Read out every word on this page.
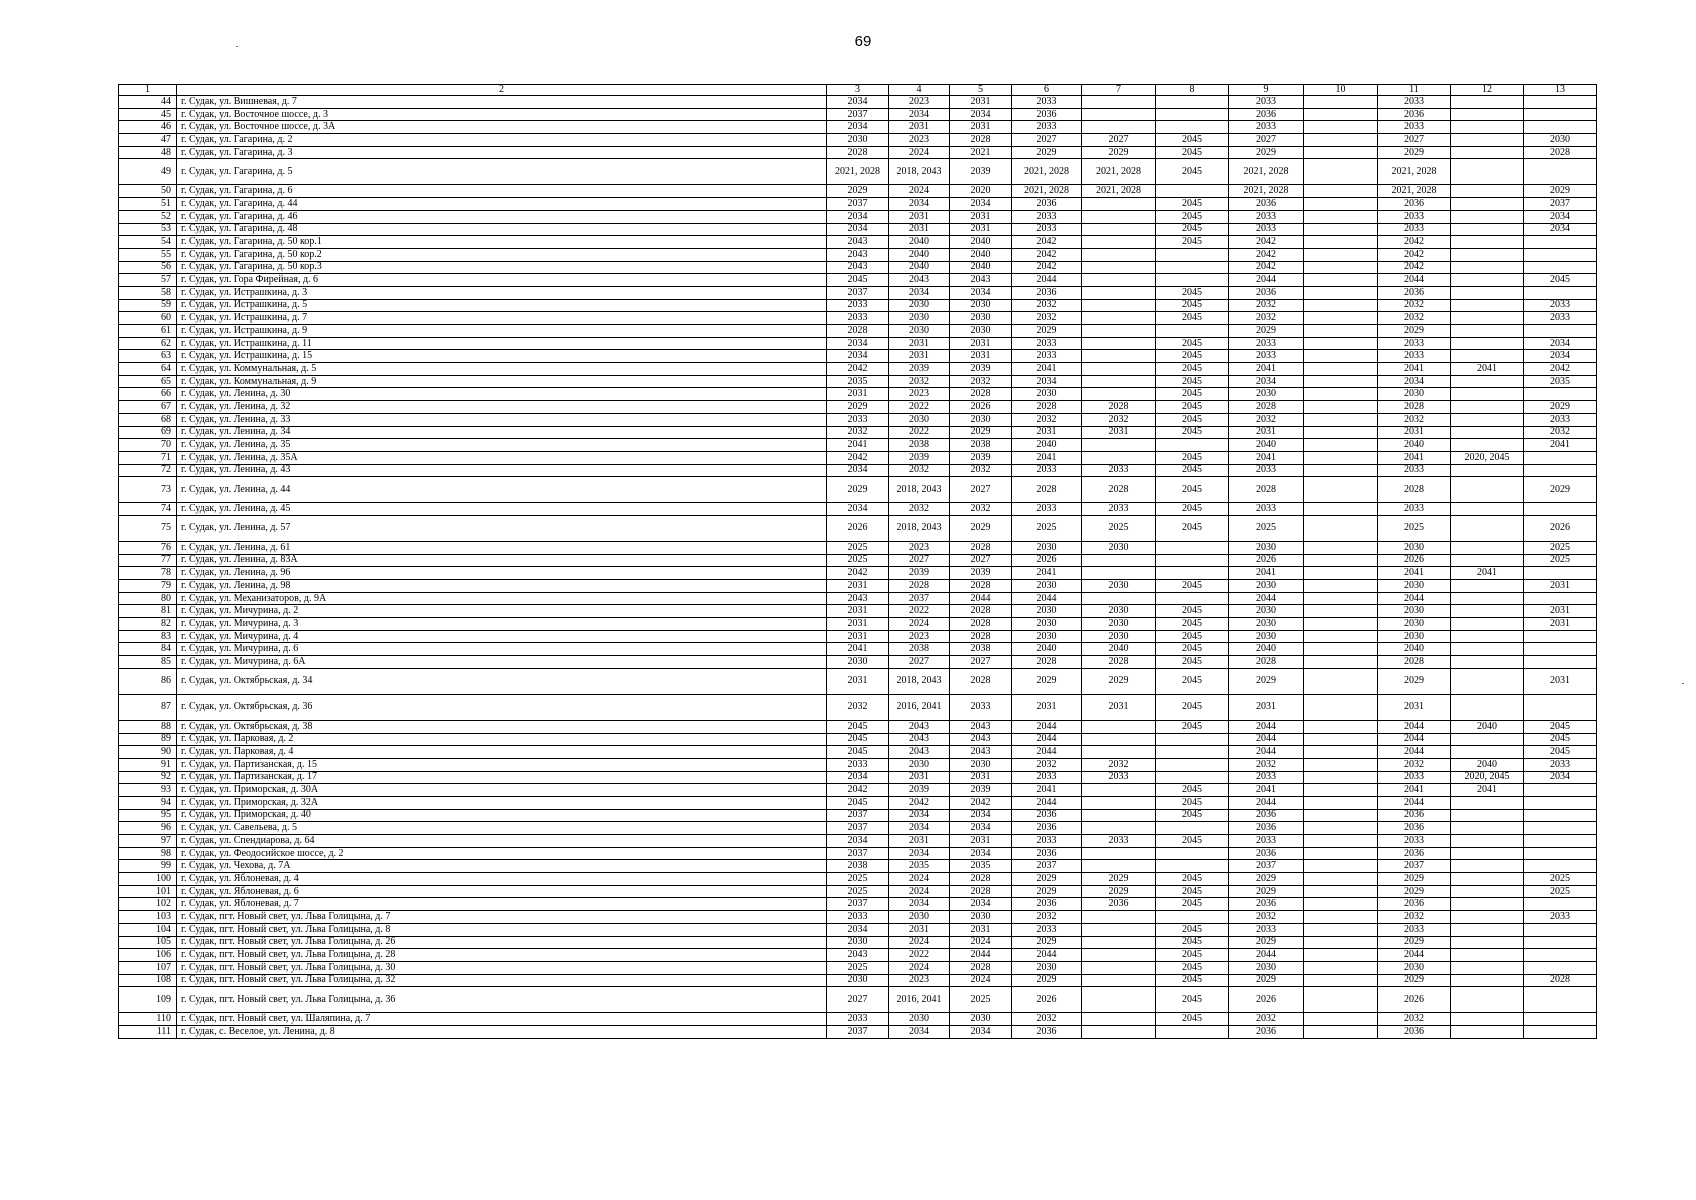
69
1	2	3	4	5	6	7	8	9	10	11	12	13
44	г. Судак, ул. Вишневая, д. 7	2034	2023	2031	2033			2033		2033		
45	г. Судак, ул. Восточное шоссе, д. 3	2037	2034	2034	2036			2036		2036		
46	г. Судак, ул. Восточное шоссе, д. 3А	2034	2031	2031	2033			2033		2033		
47	г. Судак, ул. Гагарина, д. 2	2030	2023	2028	2027	2027	2045	2027		2027		2030
48	г. Судак, ул. Гагарина, д. 3	2028	2024	2021	2029	2029	2045	2029		2029		2028
49	г. Судак, ул. Гагарина, д. 5	2021, 2028	2018, 2043	2039	2021, 2028	2021, 2028	2045	2021, 2028		2021, 2028		
50	г. Судак, ул. Гагарина, д. 6	2029	2024	2020	2021, 2028	2021, 2028		2021, 2028		2021, 2028		2029
51	г. Судак, ул. Гагарина, д. 44	2037	2034	2034	2036		2045	2036		2036		2037
52	г. Судак, ул. Гагарина, д. 46	2034	2031	2031	2033		2045	2033		2033		2034
53	г. Судак, ул. Гагарина, д. 48	2034	2031	2031	2033		2045	2033		2033		2034
54	г. Судак, ул. Гагарина, д. 50 кор.1	2043	2040	2040	2042		2045	2042		2042		
55	г. Судак, ул. Гагарина, д. 50 кор.2	2043	2040	2040	2042			2042		2042		
56	г. Судак, ул. Гагарина, д. 50 кор.3	2043	2040	2040	2042			2042		2042		
57	г. Судак, ул. Гора Фирейная, д. 6	2045	2043	2043	2044			2044		2044		2045
58	г. Судак, ул. Истрашкина, д. 3	2037	2034	2034	2036		2045	2036		2036		
59	г. Судак, ул. Истрашкина, д. 5	2033	2030	2030	2032		2045	2032		2032		2033
60	г. Судак, ул. Истрашкина, д. 7	2033	2030	2030	2032		2045	2032		2032		2033
61	г. Судак, ул. Истрашкина, д. 9	2028	2030	2030	2029			2029		2029		
62	г. Судак, ул. Истрашкина, д. 11	2034	2031	2031	2033		2045	2033		2033		2034
63	г. Судак, ул. Истрашкина, д. 15	2034	2031	2031	2033		2045	2033		2033		2034
64	г. Судак, ул. Коммунальная, д. 5	2042	2039	2039	2041		2045	2041		2041	2041	2042
65	г. Судак, ул. Коммунальная, д. 9	2035	2032	2032	2034		2045	2034		2034		2035
66	г. Судак, ул. Ленина, д. 30	2031	2023	2028	2030		2045	2030		2030		
67	г. Судак, ул. Ленина, д. 32	2029	2022	2026	2028	2028	2045	2028		2028		2029
68	г. Судак, ул. Ленина, д. 33	2033	2030	2030	2032	2032	2045	2032		2032		2033
69	г. Судак, ул. Ленина, д. 34	2032	2022	2029	2031	2031	2045	2031		2031		2032
70	г. Судак, ул. Ленина, д. 35	2041	2038	2038	2040			2040		2040		2041
71	г. Судак, ул. Ленина, д. 35А	2042	2039	2039	2041		2045	2041		2041	2020, 2045	
72	г. Судак, ул. Ленина, д. 43	2034	2032	2032	2033	2033	2045	2033		2033		
73	г. Судак, ул. Ленина, д. 44	2029	2018, 2043	2027	2028	2028	2045	2028		2028		2029
74	г. Судак, ул. Ленина, д. 45	2034	2032	2032	2033	2033	2045	2033		2033		
75	г. Судак, ул. Ленина, д. 57	2026	2018, 2043	2029	2025	2025	2045	2025		2025		2026
76	г. Судак, ул. Ленина, д. 61	2025	2023	2028	2030	2030		2030		2030		2025
77	г. Судак, ул. Ленина, д. 83А	2025	2027	2027	2026			2026		2026		2025
78	г. Судак, ул. Ленина, д. 96	2042	2039	2039	2041			2041		2041	2041	
79	г. Судак, ул. Ленина, д. 98	2031	2028	2028	2030	2030	2045	2030		2030		2031
80	г. Судак, ул. Механизаторов, д. 9А	2043	2037	2044	2044			2044		2044		
81	г. Судак, ул. Мичурина, д. 2	2031	2022	2028	2030	2030	2045	2030		2030		2031
82	г. Судак, ул. Мичурина, д. 3	2031	2024	2028	2030	2030	2045	2030		2030		2031
83	г. Судак, ул. Мичурина, д. 4	2031	2023	2028	2030	2030	2045	2030		2030		
84	г. Судак, ул. Мичурина, д. 6	2041	2038	2038	2040	2040	2045	2040		2040		
85	г. Судак, ул. Мичурина, д. 6А	2030	2027	2027	2028	2028	2045	2028		2028		
86	г. Судак, ул. Октябрьская, д. 34	2031	2018, 2043	2028	2029	2029	2045	2029		2029		2031
87	г. Судак, ул. Октябрьская, д. 36	2032	2016, 2041	2033	2031	2031	2045	2031		2031		
88	г. Судак, ул. Октябрьская, д. 38	2045	2043	2043	2044		2045	2044		2044	2040	2045
89	г. Судак, ул. Парковая, д. 2	2045	2043	2043	2044			2044		2044		2045
90	г. Судак, ул. Парковая, д. 4	2045	2043	2043	2044			2044		2044		2045
91	г. Судак, ул. Партизанская, д. 15	2033	2030	2030	2032	2032		2032		2032	2040	2033
92	г. Судак, ул. Партизанская, д. 17	2034	2031	2031	2033	2033		2033		2033	2020, 2045	2034
93	г. Судак, ул. Приморская, д. 30А	2042	2039	2039	2041		2045	2041		2041	2041	
94	г. Судак, ул. Приморская, д. 32А	2045	2042	2042	2044		2045	2044		2044		
95	г. Судак, ул. Приморская, д. 40	2037	2034	2034	2036		2045	2036		2036		
96	г. Судак, ул. Савельева, д. 5	2037	2034	2034	2036			2036		2036		
97	г. Судак, ул. Спендиарова, д. 64	2034	2031	2031	2033	2033	2045	2033		2033		
98	г. Судак, ул. Феодосийское шоссе, д. 2	2037	2034	2034	2036			2036		2036		
99	г. Судак, ул. Чехова, д. 7А	2038	2035	2035	2037			2037		2037		
100	г. Судак, ул. Яблоневая, д. 4	2025	2024	2028	2029	2029	2045	2029		2029		2025
101	г. Судак, ул. Яблоневая, д. 6	2025	2024	2028	2029	2029	2045	2029		2029		2025
102	г. Судак, ул. Яблоневая, д. 7	2037	2034	2034	2036	2036	2045	2036		2036		
103	г. Судак, пгт. Новый свет, ул. Льва Голицына, д. 7	2033	2030	2030	2032			2032		2032		2033
104	г. Судак, пгт. Новый свет, ул. Льва Голицына, д. 8	2034	2031	2031	2033		2045	2033		2033		
105	г. Судак, пгт. Новый свет, ул. Льва Голицына, д. 26	2030	2024	2024	2029		2045	2029		2029		
106	г. Судак, пгт. Новый свет, ул. Льва Голицына, д. 28	2043	2022	2044	2044		2045	2044		2044		
107	г. Судак, пгт. Новый свет, ул. Льва Голицына, д. 30	2025	2024	2028	2030		2045	2030		2030		
108	г. Судак, пгт. Новый свет, ул. Льва Голицына, д. 32	2030	2023	2024	2029		2045	2029		2029		2028
109	г. Судак, пгт. Новый свет, ул. Льва Голицына, д. 36	2027	2016, 2041	2025	2026		2045	2026		2026		
110	г. Судак, пгт. Новый свет, ул. Шаляпина, д. 7	2033	2030	2030	2032		2045	2032		2032		
111	г. Судак, с. Веселое, ул. Ленина, д. 8	2037	2034	2034	2036			2036		2036		
